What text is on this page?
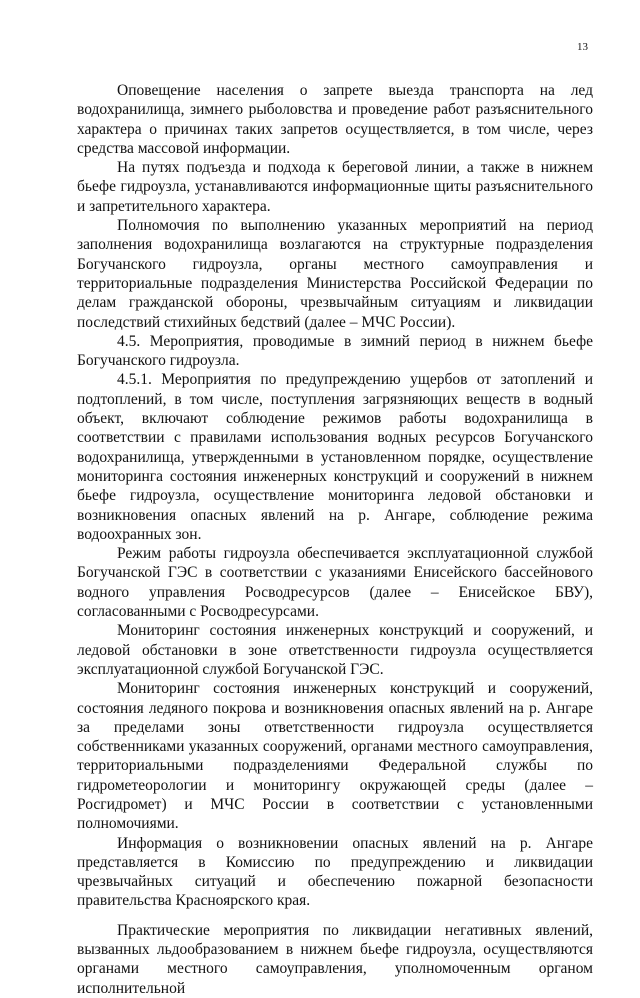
13

Оповещение населения о запрете выезда транспорта на лед водохранилища, зимнего рыболовства и проведение работ разъяснительного характера о причинах таких запретов осуществляется, в том числе, через средства массовой информации.

На путях подъезда и подхода к береговой линии, а также в нижнем бьефе гидроузла, устанавливаются информационные щиты разъяснительного и запретительного характера.

Полномочия по выполнению указанных мероприятий на период заполнения водохранилища возлагаются на структурные подразделения Богучанского гидроузла, органы местного самоуправления и территориальные подразделения Министерства Российской Федерации по делам гражданской обороны, чрезвычайным ситуациям и ликвидации последствий стихийных бедствий (далее – МЧС России).

4.5. Мероприятия, проводимые в зимний период в нижнем бьефе Богучанского гидроузла.

4.5.1. Мероприятия по предупреждению ущербов от затоплений и подтоплений, в том числе, поступления загрязняющих веществ в водный объект, включают соблюдение режимов работы водохранилища в соответствии с правилами использования водных ресурсов Богучанского водохранилища, утвержденными в установленном порядке, осуществление мониторинга состояния инженерных конструкций и сооружений в нижнем бьефе гидроузла, осуществление мониторинга ледовой обстановки и возникновения опасных явлений на р. Ангаре, соблюдение режима водоохранных зон.

Режим работы гидроузла обеспечивается эксплуатационной службой Богучанской ГЭС в соответствии с указаниями Енисейского бассейнового водного управления Росводресурсов (далее – Енисейское БВУ), согласованными с Росводресурсами.

Мониторинг состояния инженерных конструкций и сооружений, и ледовой обстановки в зоне ответственности гидроузла осуществляется эксплуатационной службой Богучанской ГЭС.

Мониторинг состояния инженерных конструкций и сооружений, состояния ледяного покрова и возникновения опасных явлений на р. Ангаре за пределами зоны ответственности гидроузла осуществляется собственниками указанных сооружений, органами местного самоуправления, территориальными подразделениями Федеральной службы по гидрометеорологии и мониторингу окружающей среды (далее – Росгидромет) и МЧС России в соответствии с установленными полномочиями.

Информация о возникновении опасных явлений на р. Ангаре представляется в Комиссию по предупреждению и ликвидации чрезвычайных ситуаций и обеспечению пожарной безопасности правительства Красноярского края.

Практические мероприятия по ликвидации негативных явлений, вызванных льдообразованием в нижнем бьефе гидроузла, осуществляются органами местного самоуправления, уполномоченным органом исполнительной
